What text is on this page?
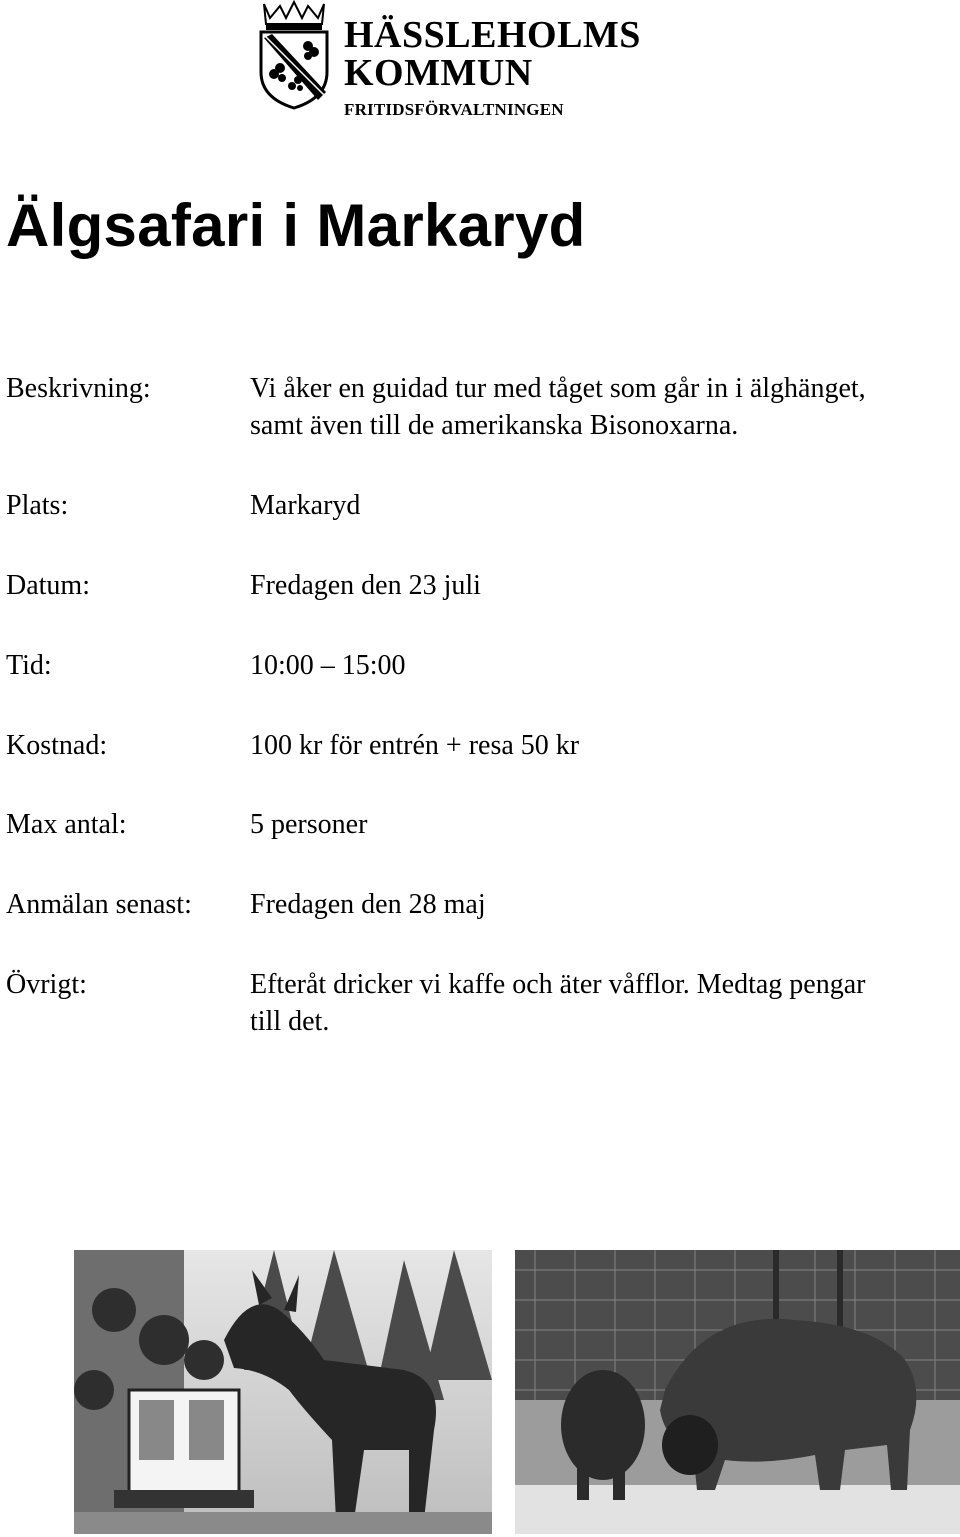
HÄSSLEHOLMS
KOMMUN
FRITIDSFÖRVALTNINGEN
Älgsafari i Markaryd
Beskrivning:	Vi åker en guidad tur med tåget som går in i älghänget,
samt även till de amerikanska Bisonoxarna.
Plats:	Markaryd
Datum:	Fredagen den 23 juli
Tid:	10:00 – 15:00
Kostnad:	100 kr för entrén + resa 50 kr
Max antal:	5 personer
Anmälan senast: Fredagen den 28 maj
Övrigt:	Efteråt dricker vi kaffe och äter våfflor. Medtag pengar
till det.
